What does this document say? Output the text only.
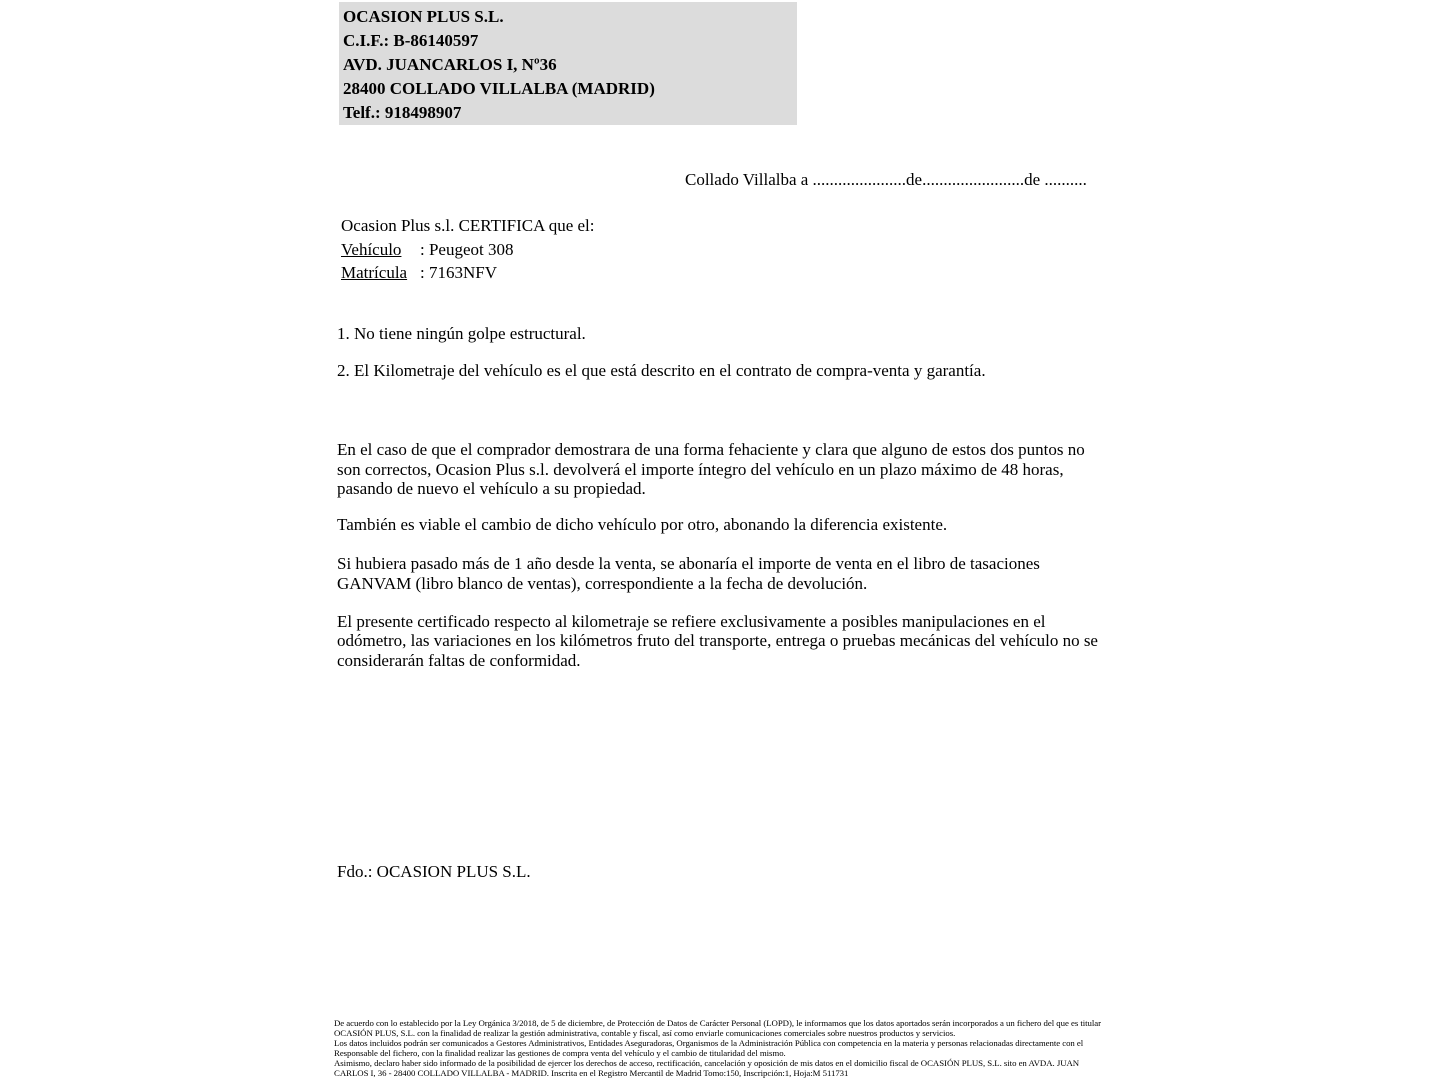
OCASION PLUS S.L.
C.I.F.: B-86140597
AVD. JUANCARLOS I, Nº36
28400 COLLADO VILLALBA (MADRID)
Telf.: 918498907
Collado Villalba a ......................de........................de ..........
Ocasion Plus s.l. CERTIFICA que el:
Vehículo : Peugeot 308
Matrícula : 7163NFV
1. No tiene ningún golpe estructural.
2. El Kilometraje del vehículo es el que está descrito en el contrato de compra-venta y garantía.

En el caso de que el comprador demostrara de una forma fehaciente y clara que alguno de estos dos puntos no son correctos, Ocasion Plus s.l. devolverá el importe íntegro del vehículo en un plazo máximo de 48 horas, pasando de nuevo el vehículo a su propiedad.

También es viable el cambio de dicho vehículo por otro, abonando la diferencia existente.

Si hubiera pasado más de 1 año desde la venta, se abonaría el importe de venta en el libro de tasaciones GANVAM (libro blanco de ventas), correspondiente a la fecha de devolución.

El presente certificado respecto al kilometraje se refiere exclusivamente a posibles manipulaciones en el odómetro, las variaciones en los kilómetros fruto del transporte, entrega o pruebas mecánicas del vehículo no se considerarán faltas de conformidad.

Fdo.: OCASION PLUS S.L.
De acuerdo con lo establecido por la Ley Orgánica 3/2018, de 5 de diciembre, de Protección de Datos de Carácter Personal (LOPD), le informamos que los datos aportados serán incorporados a un fichero del que es titular
OCASIÓN PLUS, S.L. con la finalidad de realizar la gestión administrativa, contable y fiscal, así como enviarle comunicaciones comerciales sobre nuestros productos y servicios.
Los datos incluidos podrán ser comunicados a Gestores Administrativos, Entidades Aseguradoras, Organismos de la Administración Pública con competencia en la materia y personas relacionadas directamente con el
Responsable del fichero, con la finalidad realizar las gestiones de compra venta del vehículo y el cambio de titularidad del mismo.
Asimismo, declaro haber sido informado de la posibilidad de ejercer los derechos de acceso, rectificación, cancelación y oposición de mis datos en el domicilio fiscal de OCASIÓN PLUS, S.L. sito en AVDA. JUAN
CARLOS I, 36 - 28400 COLLADO VILLALBA - MADRID. Inscrita en el Registro Mercantil de Madrid Tomo:150, Inscripción:1, Hoja:M 511731
